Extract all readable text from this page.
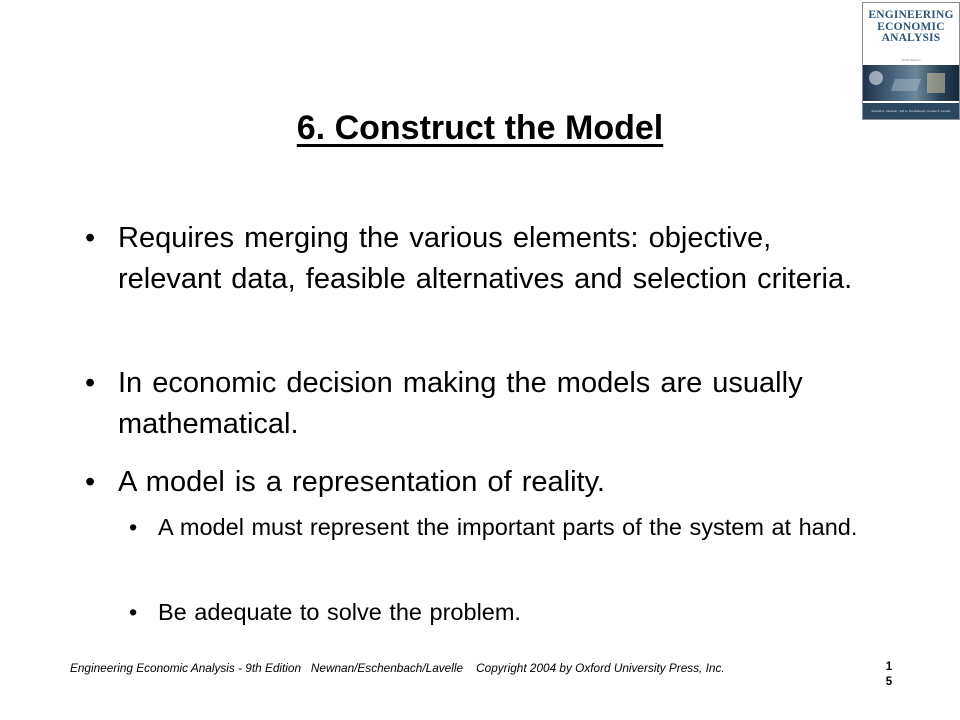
ENGINEERING ECONOMIC ANALYSIS
Ninth Edition
Donald G. Newnan | Ted G. Eschenbach | Jerome P. Lavelle
6. Construct the Model
• Requires merging the various elements: objective, relevant data, feasible alternatives and selection criteria.
• In economic decision making the models are usually mathematical.
• A model is a representation of reality.
• A model must represent the important parts of the system at hand.
• Be adequate to solve the problem.
Engineering Economic Analysis - 9th Edition   Newnan/Eschenbach/Lavelle    Copyright 2004 by Oxford University Press, Inc.	15
